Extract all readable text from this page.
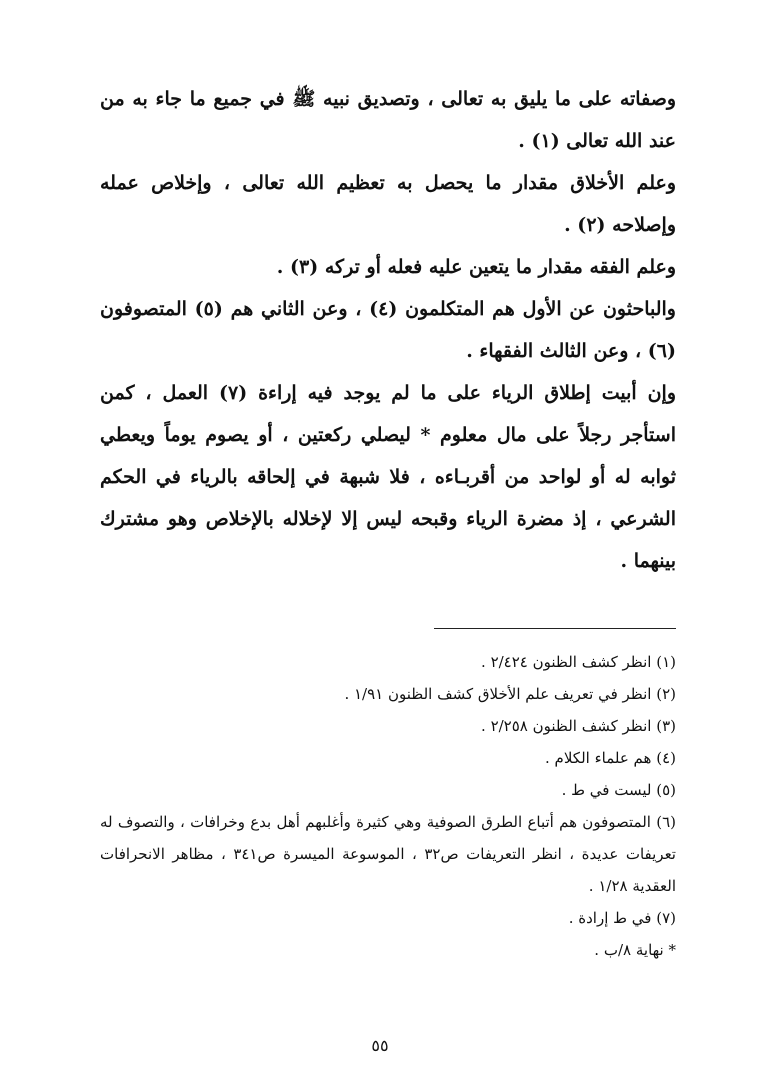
وصفاته على ما يليق به تعالى ، وتصديق نبيه ﷺ في جميع ما جاء به من عند الله تعالى (١) .

وعلم الأخلاق مقدار ما يحصل به تعظيم الله تعالى ، وإخلاص عمله وإصلاحه (٢) .

وعلم الفقه مقدار ما يتعين عليه فعله أو تركه (٣) .

والباحثون عن الأول هم المتكلمون (٤) ، وعن الثاني هم (٥) المتصوفون (٦) ، وعن الثالث الفقهاء .

وإن أبيت إطلاق الرياء على ما لم يوجد فيه إراءة (٧) العمل ، كمن استأجر رجلاً على مال معلوم * ليصلي ركعتين ، أو يصوم يوماً ويعطي ثوابه له أو لواحد من أقربـاءه ، فلا شبهة في إلحاقه بالرياء في الحكم الشرعي ، إذ مضرة الرياء وقبحه ليس إلا لإخلاله بالإخلاص وهو مشترك بينهما .

(١) انظر كشف الظنون ٢/٤٢٤ .

(٢) انظر في تعريف علم الأخلاق كشف الظنون ١/٩١ .

(٣) انظر كشف الظنون ٢/٢٥٨ .

(٤) هم علماء الكلام .

(٥) ليست في ط .

(٦) المتصوفون هم أتباع الطرق الصوفية وهي كثيرة وأغلبهم أهل بدع وخرافات ، والتصوف له تعريفات عديدة ، انظر التعريفات ص٣٢ ، الموسوعة الميسرة ص٣٤١ ، مظاهر الانحرافات العقدية ١/٢٨ .

(٧) في ط إرادة .

* نهاية ٨/ب .

٥٥
